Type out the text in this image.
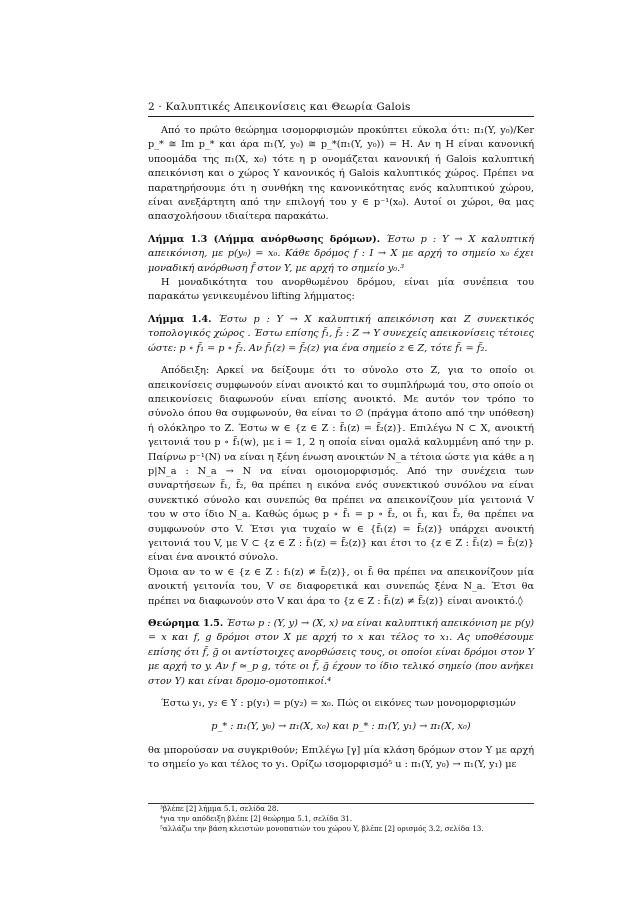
2 · Καλυπτικές Απεικονίσεις και Θεωρία Galois

Από το πρώτο θεώρημα ισομορφισμών προκύπτει εύκολα ότι: π₁(Y, y₀)/Ker p_* ≅ Im p_* και άρα π₁(Y, y₀) ≅ p_*(π₁(Y, y₀)) = H. Αν η H είναι κανονική υποομάδα της π₁(X, x₀) τότε η p ονομάζεται κανονική ή Galois καλυπτική απεικόνιση και ο χώρος Y κανονικός ή Galois καλυπτικός χώρος. Πρέπει να παρατηρήσουμε ότι η συνθήκη της κανονικότητας ενός καλυπτικού χώρου, είναι ανεξάρτητη από την επιλογή του y ∈ p⁻¹(x₀). Αυτοί οι χώροι, θα μας απασχολήσουν ιδιαίτερα παρακάτω.

Λήμμα 1.3 (Λήμμα ανόρθωσης δρόμων). Έστω p : Y → X καλυπτική απεικόνιση, με p(y₀) = x₀. Κάθε δρόμος f : I → X με αρχή το σημείο x₀ έχει μοναδική ανόρθωση f̃ στον Y, με αρχή το σημείο y₀.³

Η μοναδικότητα του ανορθωμένου δρόμου, είναι μία συνέπεια του παρακάτω γενικευμένου lifting λήμματος:

Λήμμα 1.4. Έστω p : Y → X καλυπτική απεικόνιση και Z συνεκτικός τοπολογικός χώρος . Έστω επίσης f̃₁, f̃₂ : Z → Y συνεχείς απεικονίσεις τέτοιες ώστε: p ∘ f̃₁ = p ∘ f̃₂. Αν f̃₁(z) = f̃₂(z) για ένα σημείο z ∈ Z, τότε f̃₁ = f̃₂.

Απόδειξη: Αρκεί να δείξουμε ότι το σύνολο στο Z, για το οποίο οι απεικονίσεις συμφωνούν είναι ανοικτό και το συμπλήρωμά του, στο οποίο οι απεικονίσεις διαφωνούν είναι επίσης ανοικτό. Με αυτόν τον τρόπο το σύνολο όπου θα συμφωνούν, θα είναι το ∅ (πράγμα άτοπο από την υπόθεση) ή ολόκληρο το Z. Έστω w ∈ {z ∈ Z : f̃₁(z) = f̃₂(z)}. Επιλέγω N ⊂ X, ανοικτή γειτονιά του p ∘ f̃₁(w), με i = 1, 2 η οποία είναι ομαλά καλυμμένη από την p. Παίρνω p⁻¹(N) να είναι η ξένη ένωση ανοικτών N_a τέτοια ώστε για κάθε a η p|N_a : N_a → N να είναι ομοιομορφισμός. Από την συνέχεια των συναρτήσεων f̃₁, f̃₂, θα πρέπει η εικόνα ενός συνεκτικού συνόλου να είναι συνεκτικό σύνολο και συνεπώς θα πρέπει να απεικονίζουν μία γειτονιά V του w στο ίδιο N_a. Καθώς όμως p ∘ f̃₁ = p ∘ f̃₂, οι f̃₁, και f̃₂, θα πρέπει να συμφωνούν στο V. Έτσι για τυχαίο w ∈ {f̃₁(z) = f̃₂(z)} υπάρχει ανοικτή γειτονιά του V, με V ⊂ {z ∈ Z : f̃₁(z) = f̃₂(z)} και έτσι το {z ∈ Z : f̃₁(z) = f̃₂(z)} είναι ένα ανοικτό σύνολο.

Όμοια αν το w ∈ {z ∈ Z : f₁(z) ≠ f̃₂(z)}, οι f̃ᵢ θα πρέπει να απεικονίζουν μία ανοικτή γειτονία του, V σε διαφορετικά και συνεπώς ξένα N_a. Έτσι θα πρέπει να διαφωνούν στο V και άρα το {z ∈ Z : f̃₁(z) ≠ f̃₂(z)} είναι ανοικτό.◊

Θεώρημα 1.5. Έστω p : (Y, y) → (X, x) να είναι καλυπτική απεικόνιση με p(y) = x και f, g δρόμοι στον X με αρχή το x και τέλος το x₁. Ας υποθέσουμε επίσης ότι f̃, g̃ οι αντίστοιχες ανορθώσεις τους, οι οποίοι είναι δρόμοι στον Y με αρχή το y. Αν f ≃_p g, τότε οι f̃, g̃ έχουν το ίδιο τελικό σημείο (που ανήκει στον Y) και είναι δρομο-ομοτοπικοί.⁴

Έστω y₁, y₂ ∈ Y : p(y₁) = p(y₂) = x₀. Πώς οι εικόνες των μονομορφισμών

p_* : π₁(Y, y₀) → π₁(X, x₀) και p_* : π₁(Y, y₁) → π₁(X, x₀)

θα μπορούσαν να συγκριθούν; Επιλέγω [γ] μία κλάση δρόμων στον Y με αρχή το σημείο y₀ και τέλος το y₁. Ορίζω ισομορφισμό⁵ u : π₁(Y, y₀) → π₁(Y, y₁) με

³βλέπε [2] λήμμα 5.1, σελίδα 28.
⁴για την απόδειξη βλέπε [2] θεώρημα 5.1, σελίδα 31.
⁵αλλάζω την βάση κλειστών μονοπατιών του χώρου Y, βλέπε [2] ορισμός 3.2, σελίδα 13.
